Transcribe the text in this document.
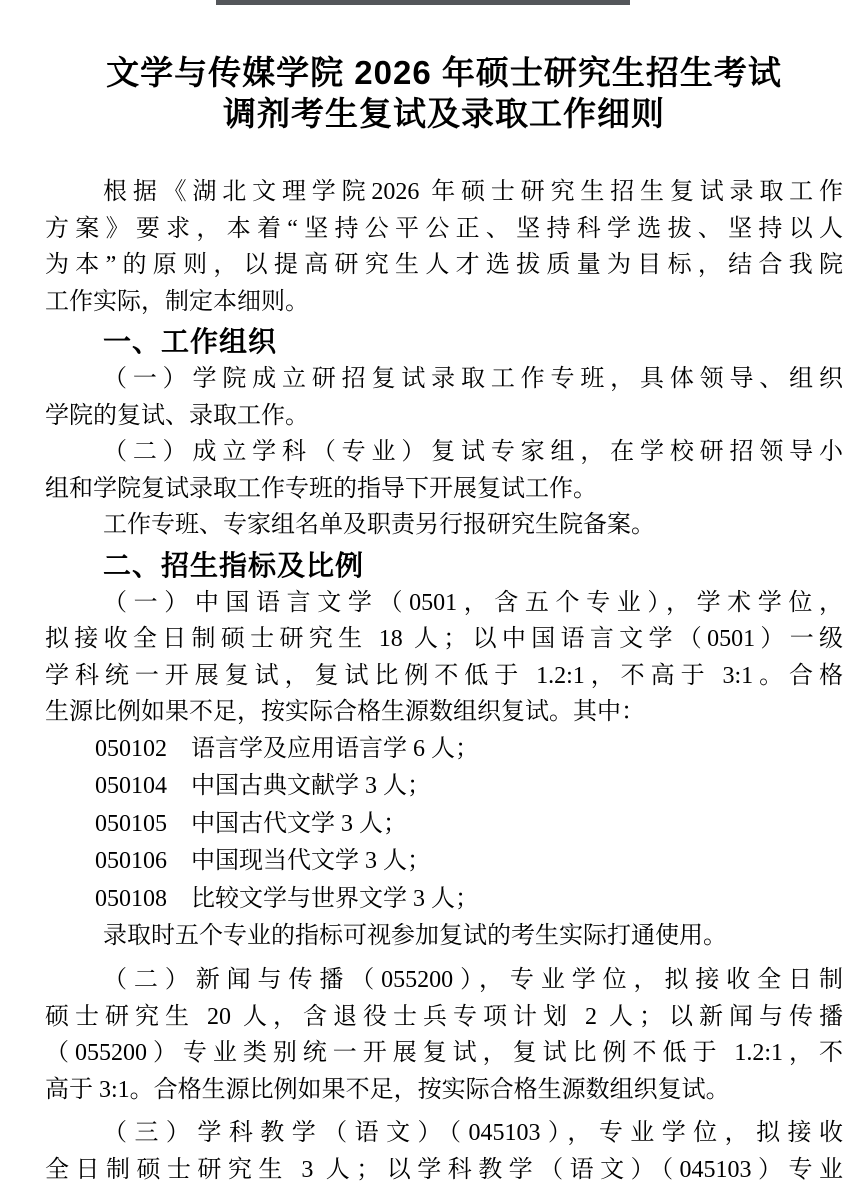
文学与传媒学院 2026 年硕士研究生招生考试
调剂考生复试及录取工作细则
根据《湖北文理学院2026 年硕士研究生招生复试录取工作
方案》要求，本着“坚持公平公正、坚持科学选拔、坚持以人
为本”的原则，以提高研究生人才选拔质量为目标，结合我院
工作实际，制定本细则。
一、工作组织
（一）学院成立研招复试录取工作专班，具体领导、组织
学院的复试、录取工作。
（二）成立学科（专业）复试专家组，在学校研招领导小
组和学院复试录取工作专班的指导下开展复试工作。
工作专班、专家组名单及职责另行报研究生院备案。
二、招生指标及比例
（一）中国语言文学（0501，含五个专业），学术学位，
拟接收全日制硕士研究生 18 人；以中国语言文学（0501）一级
学科统一开展复试，复试比例不低于 1.2:1，不高于 3:1。合格
生源比例如果不足，按实际合格生源数组织复试。其中：
050102　语言学及应用语言学 6 人；
050104　中国古典文献学 3 人；
050105　中国古代文学 3 人；
050106　中国现当代文学 3 人；
050108　比较文学与世界文学 3 人；
录取时五个专业的指标可视参加复试的考生实际打通使用。
（二）新闻与传播（055200），专业学位，拟接收全日制
硕士研究生 20 人，含退役士兵专项计划 2 人；以新闻与传播
（055200）专业类别统一开展复试，复试比例不低于 1.2:1，不
高于 3:1。合格生源比例如果不足，按实际合格生源数组织复试。
（三）学科教学（语文）（045103），专业学位，拟接收
全日制硕士研究生 3 人；以学科教学（语文）（045103）专业
